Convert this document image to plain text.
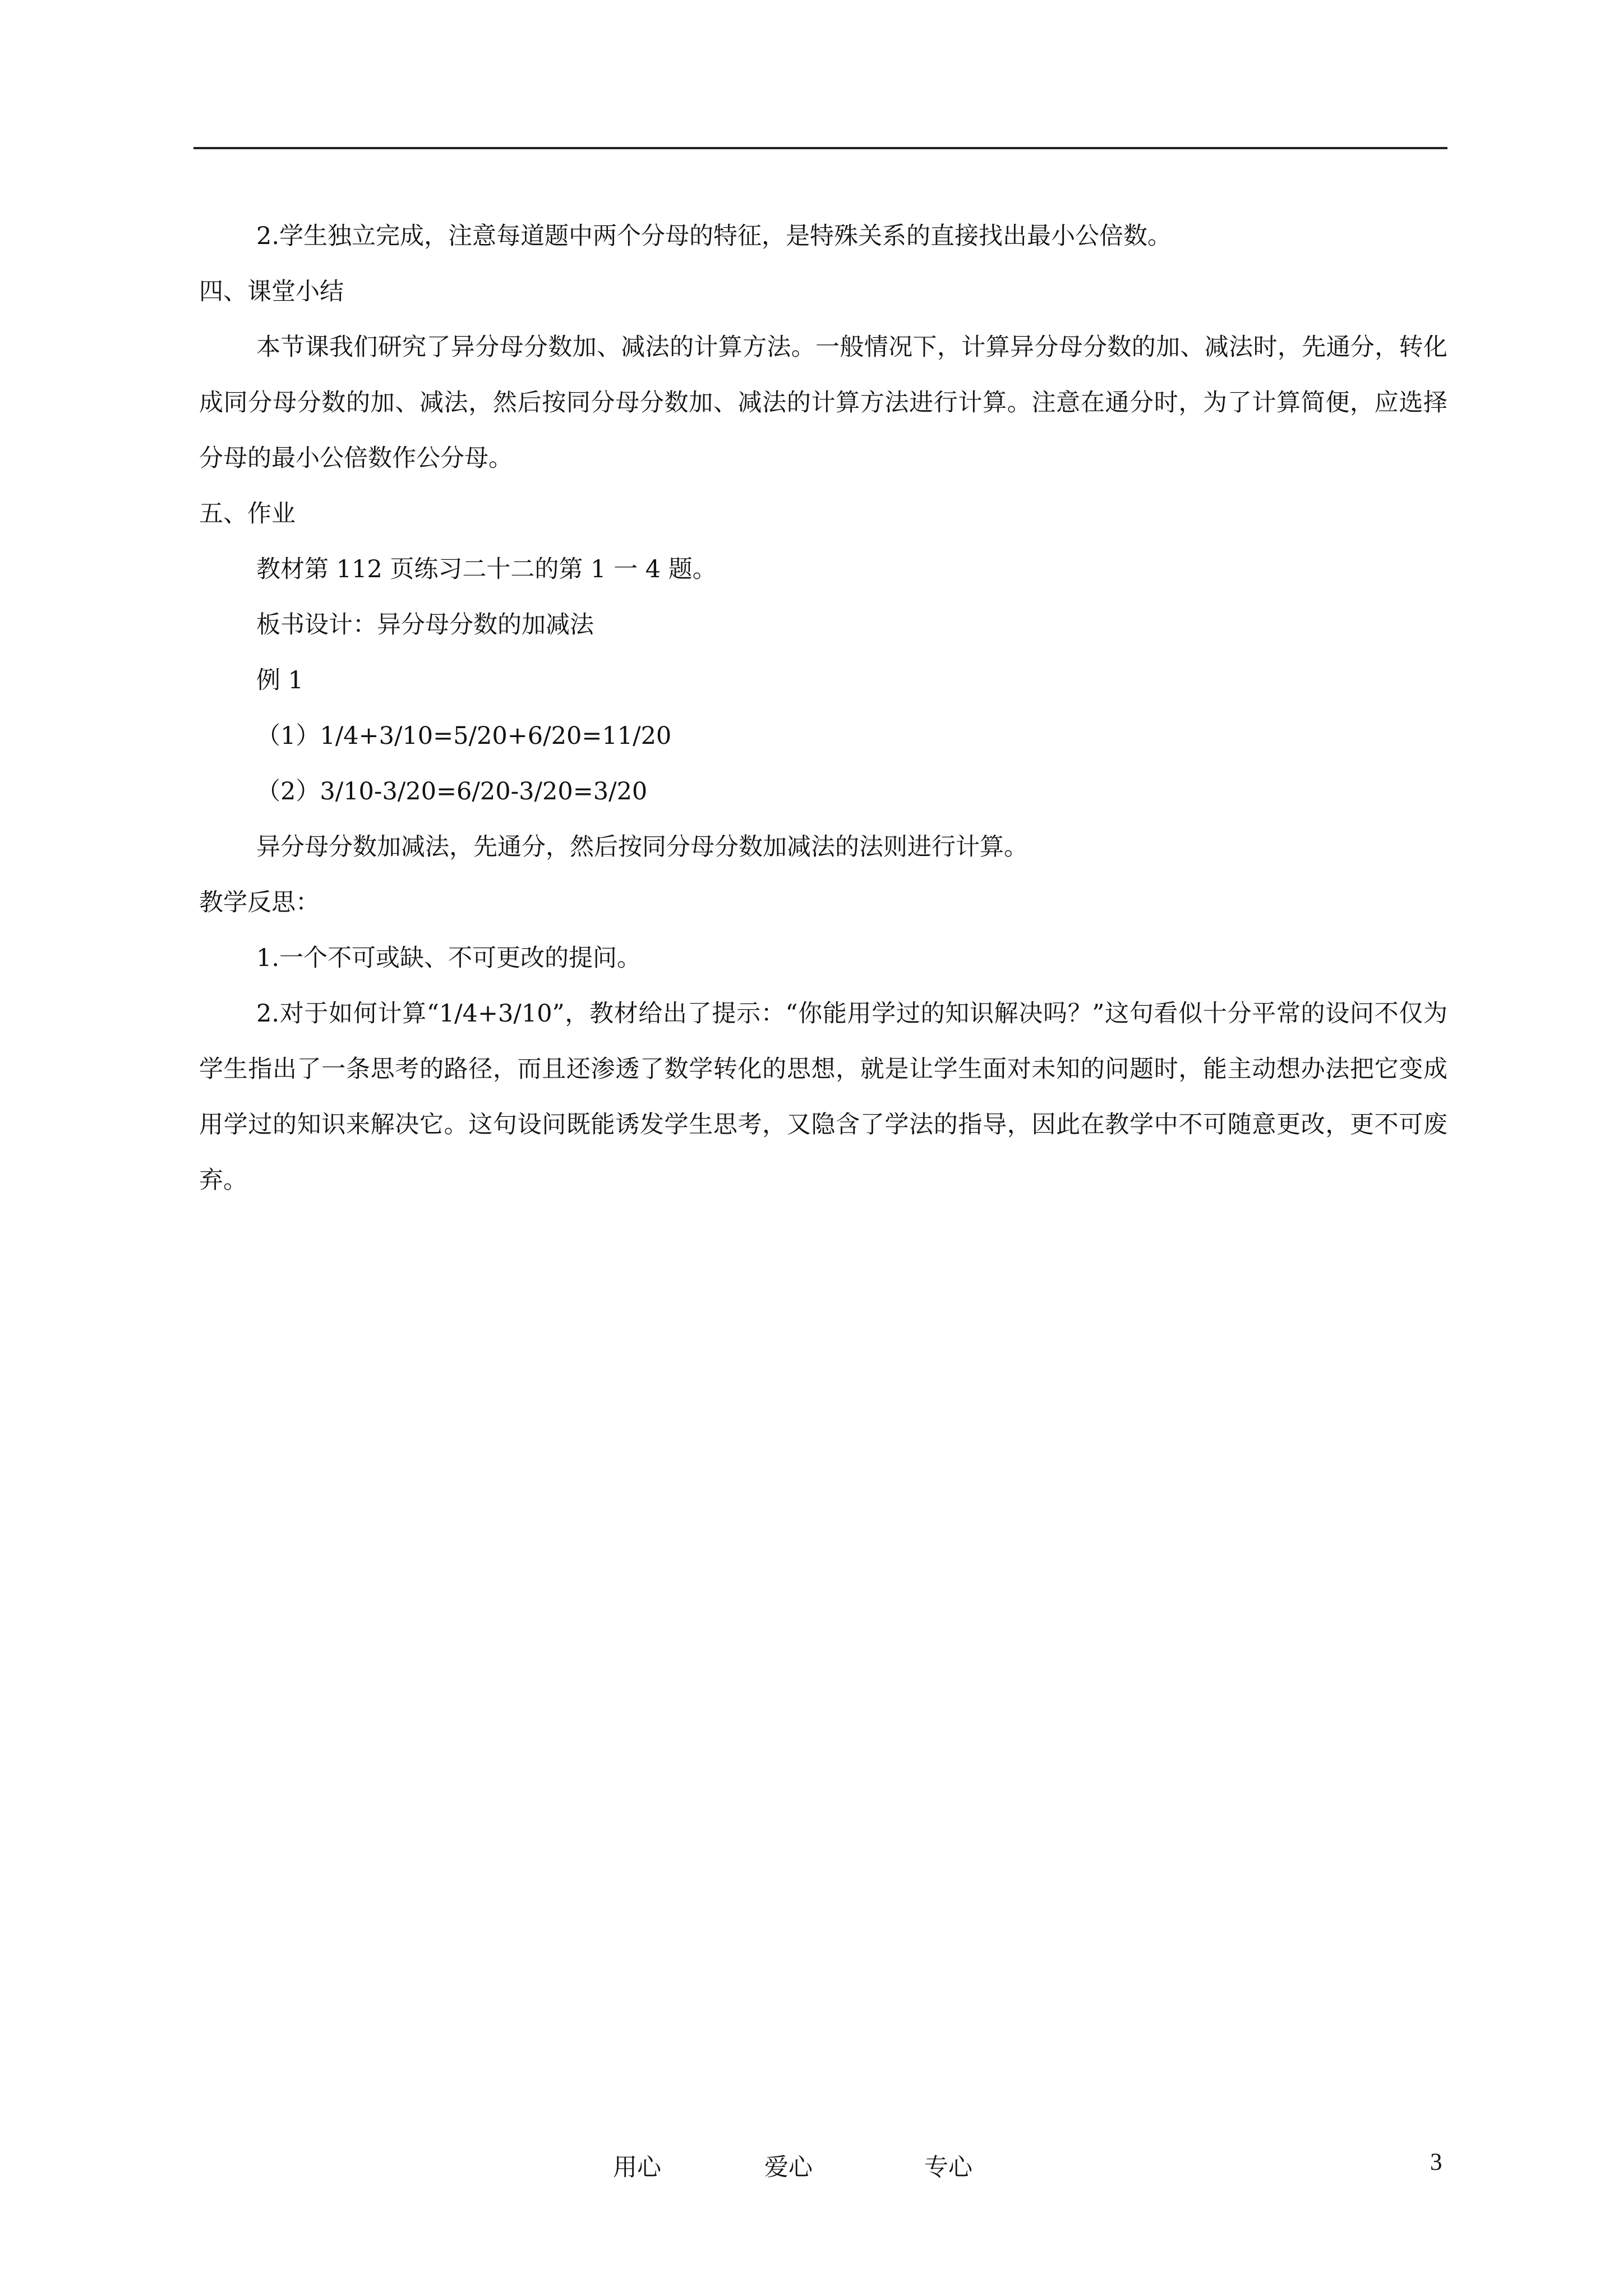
2.学生独立完成，注意每道题中两个分母的特征，是特殊关系的直接找出最小公倍数。
四、课堂小结
本节课我们研究了异分母分数加、减法的计算方法。一般情况下，计算异分母分数的加、减法时，先通分，转化成同分母分数的加、减法，然后按同分母分数加、减法的计算方法进行计算。注意在通分时，为了计算简便，应选择分母的最小公倍数作公分母。
五、作业
教材第 112 页练习二十二的第 1 一 4 题。
板书设计：异分母分数的加减法
例 1
（1）1/4+3/10=5/20+6/20=11/20
（2）3/10-3/20=6/20-3/20=3/20
异分母分数加减法，先通分，然后按同分母分数加减法的法则进行计算。
教学反思：
1.一个不可或缺、不可更改的提问。
2.对于如何计算“1/4+3/10”，教材给出了提示：“你能用学过的知识解决吗？”这句看似十分平常的设问不仅为学生指出了一条思考的路径，而且还渗透了数学转化的思想，就是让学生面对未知的问题时，能主动想办法把它变成用学过的知识来解决它。这句设问既能诱发学生思考，又隐含了学法的指导，因此在教学中不可随意更改，更不可废弃。
用心	爱心	专心	3
